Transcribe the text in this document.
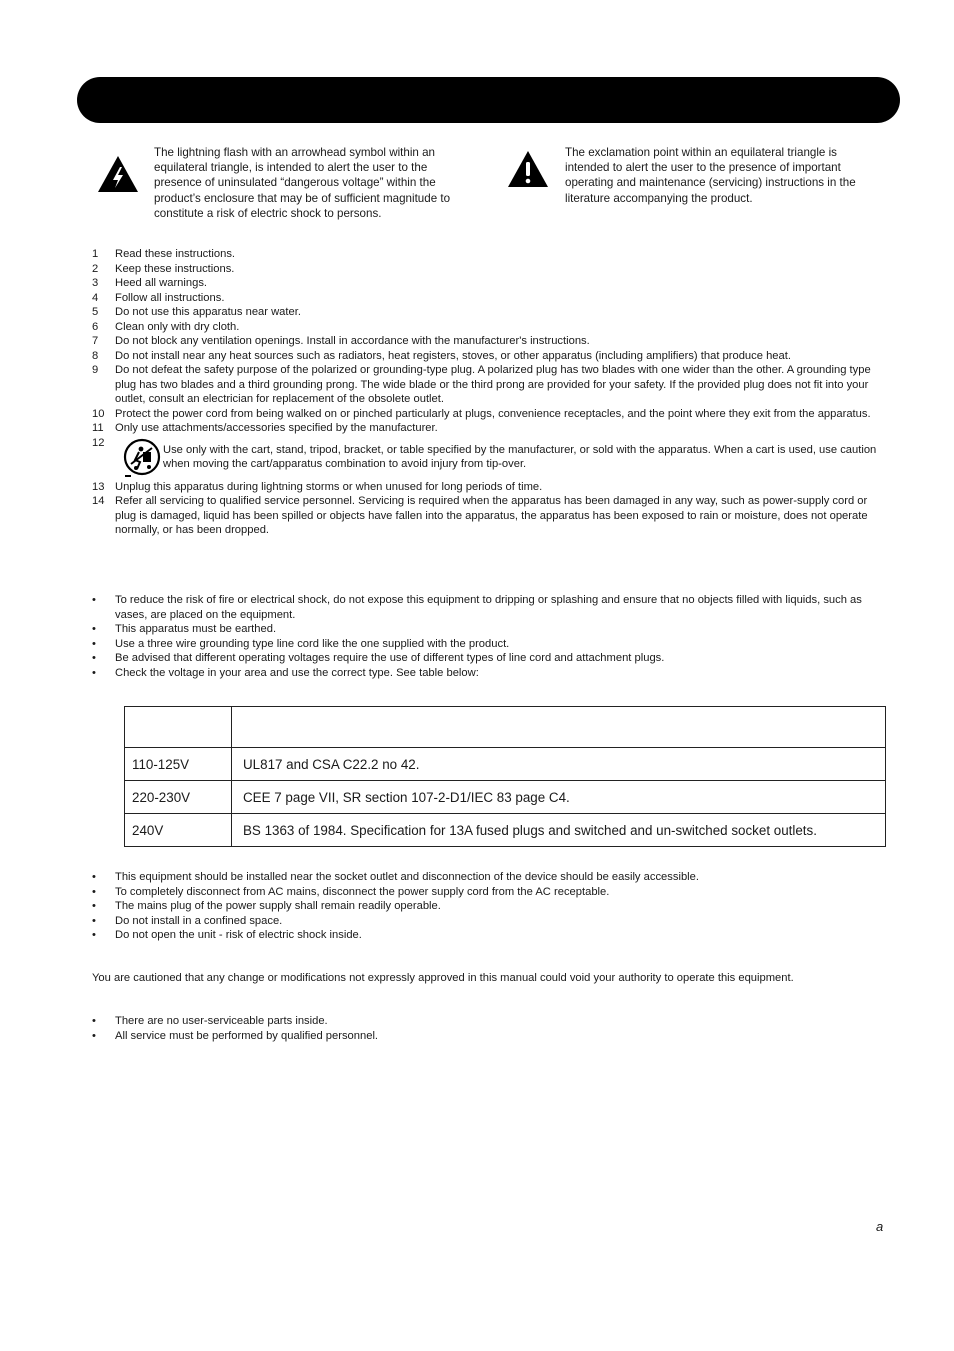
The lightning flash with an arrowhead symbol within an equilateral triangle, is intended to alert the user to the presence of uninsulated “dangerous voltage” within the product’s enclosure that may be of sufficient magnitude to constitute a risk of electric shock to persons.
The exclamation point within an equilateral triangle is intended to alert the user to the presence of important operating and maintenance (servicing) instructions in the literature accompanying the product.
1 Read these instructions.
2 Keep these instructions.
3 Heed all warnings.
4 Follow all instructions.
5 Do not use this apparatus near water.
6 Clean only with dry cloth.
7 Do not block any ventilation openings. Install in accordance with the manufacturer's instructions.
8 Do not install near any heat sources such as radiators, heat registers, stoves, or other apparatus (including amplifiers) that produce heat.
9 Do not defeat the safety purpose of the polarized or grounding-type plug. A polarized plug has two blades with one wider than the other. A grounding type plug has two blades and a third grounding prong. The wide blade or the third prong are provided for your safety. If the provided plug does not fit into your outlet, consult an electrician for replacement of the obsolete outlet.
10 Protect the power cord from being walked on or pinched particularly at plugs, convenience receptacles, and the point where they exit from the apparatus.
11 Only use attachments/accessories specified by the manufacturer.
12
Use only with the cart, stand, tripod, bracket, or table specified by the manufacturer, or sold with the apparatus. When a cart is used, use caution when moving the cart/apparatus combination to avoid injury from tip-over.
13 Unplug this apparatus during lightning storms or when unused for long periods of time.
14 Refer all servicing to qualified service personnel. Servicing is required when the apparatus has been damaged in any way, such as power-supply cord or plug is damaged, liquid has been spilled or objects have fallen into the apparatus, the apparatus has been exposed to rain or moisture, does not operate normally, or has been dropped.
• To reduce the risk of fire or electrical shock, do not expose this equipment to dripping or splashing and ensure that no objects filled with liquids, such as vases, are placed on the equipment.
• This apparatus must be earthed.
• Use a three wire grounding type line cord like the one supplied with the product.
• Be advised that different operating voltages require the use of different types of line cord and attachment plugs.
• Check the voltage in your area and use the correct type. See table below:

110-125V	UL817 and CSA C22.2 no 42.
220-230V	CEE 7 page VII, SR section 107-2-D1/IEC 83 page C4.
240V	BS 1363 of 1984. Specification for 13A fused plugs and switched and un-switched socket outlets.
• This equipment should be installed near the socket outlet and disconnection of the device should be easily accessible.
• To completely disconnect from AC mains, disconnect the power supply cord from the AC receptable.
• The mains plug of the power supply shall remain readily operable.
• Do not install in a confined space.
• Do not open the unit - risk of electric shock inside.
You are cautioned that any change or modifications not expressly approved in this manual could void your authority to operate this equipment.
• There are no user-serviceable parts inside.
• All service must be performed by qualified personnel.
a
